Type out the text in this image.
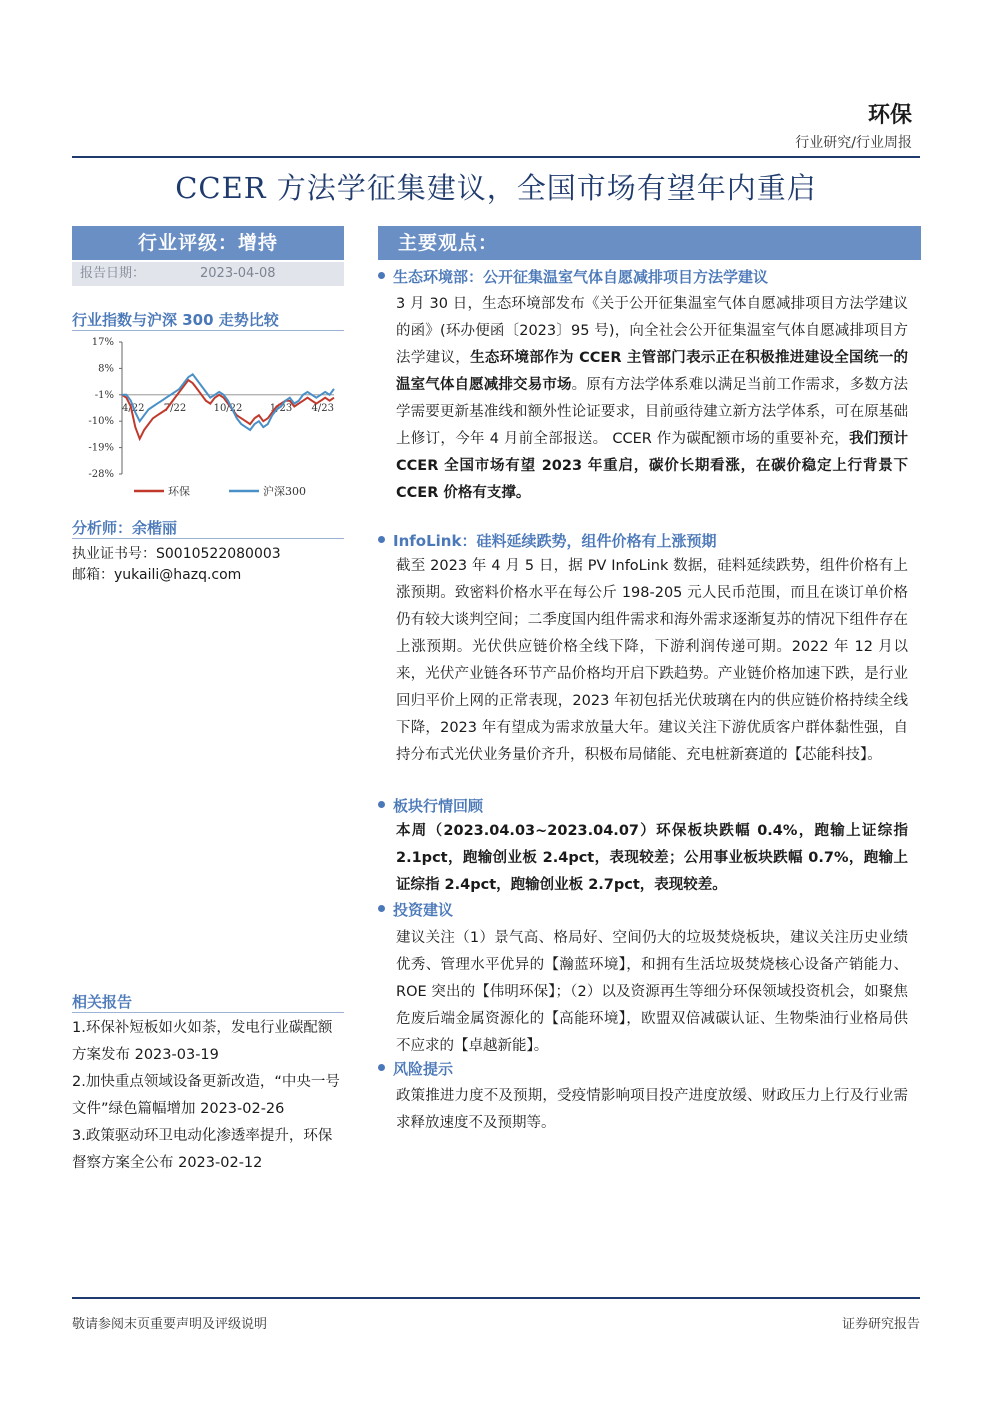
环保
行业研究/行业周报
CCER 方法学征集建议，全国市场有望年内重启
行业评级：增持
报告日期：	2023-04-08
行业指数与沪深 300 走势比较
17%
8%
-1%
-10%
-19%
-28%
4/22 7/22	10/22	1/23 4/23
环保	沪深300
分析师：余楷丽
执业证书号：S0010522080003
邮箱：yukaili@hazq.com
相关报告
1.环保补短板如火如荼，发电行业碳配额方案发布 2023-03-19
2.加快重点领域设备更新改造，“中央一号文件”绿色篇幅增加 2023-02-26
3.政策驱动环卫电动化渗透率提升，环保督察方案全公布 2023-02-12
主要观点：
生态环境部：公开征集温室气体自愿减排项目方法学建议
3 月 30 日，生态环境部发布《关于公开征集温室气体自愿减排项目方法学建议的函》(环办便函〔2023〕95 号)，向全社会公开征集温室气体自愿减排项目方法学建议，生态环境部作为 CCER 主管部门表示正在积极推进建设全国统一的温室气体自愿减排交易市场。原有方法学体系难以满足当前工作需求，多数方法学需要更新基准线和额外性论证要求，目前亟待建立新方法学体系，可在原基础上修订，今年 4 月前全部报送。 CCER 作为碳配额市场的重要补充，我们预计 CCER 全国市场有望 2023 年重启，碳价长期看涨，在碳价稳定上行背景下 CCER 价格有支撑。
InfoLink：硅料延续跌势，组件价格有上涨预期
截至 2023 年 4 月 5 日，据 PV InfoLink 数据，硅料延续跌势，组件价格有上涨预期。致密料价格水平在每公斤 198-205 元人民币范围，而且在谈订单价格仍有较大谈判空间；二季度国内组件需求和海外需求逐渐复苏的情况下组件存在上涨预期。光伏供应链价格全线下降，下游利润传递可期。2022 年 12 月以来，光伏产业链各环节产品价格均开启下跌趋势。产业链价格加速下跌，是行业回归平价上网的正常表现，2023 年初包括光伏玻璃在内的供应链价格持续全线下降，2023 年有望成为需求放量大年。建议关注下游优质客户群体黏性强，自持分布式光伏业务量价齐升，积极布局储能、充电桩新赛道的【芯能科技】。
板块行情回顾
本周（2023.04.03~2023.04.07）环保板块跌幅 0.4%，跑输上证综指 2.1pct，跑输创业板 2.4pct，表现较差；公用事业板块跌幅 0.7%，跑输上证综指 2.4pct，跑输创业板 2.7pct，表现较差。
投资建议
建议关注（1）景气高、格局好、空间仍大的垃圾焚烧板块，建议关注历史业绩优秀、管理水平优异的【瀚蓝环境】，和拥有生活垃圾焚烧核心设备产销能力、ROE 突出的【伟明环保】；（2）以及资源再生等细分环保领域投资机会，如聚焦危废后端金属资源化的【高能环境】，欧盟双倍减碳认证、生物柴油行业格局供不应求的【卓越新能】。
风险提示
政策推进力度不及预期，受疫情影响项目投产进度放缓、财政压力上行及行业需求释放速度不及预期等。
敬请参阅末页重要声明及评级说明	证券研究报告
